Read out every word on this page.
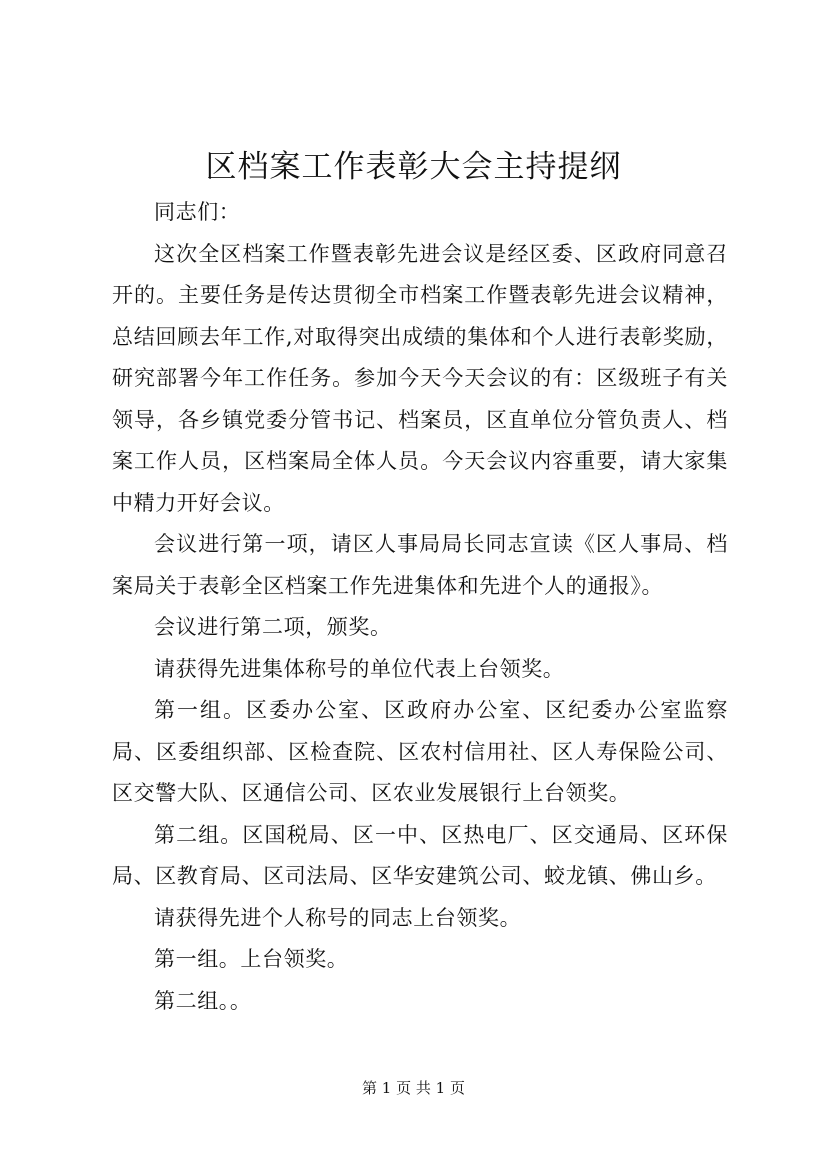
区档案工作表彰大会主持提纲

同志们：

这次全区档案工作暨表彰先进会议是经区委、区政府同意召开的。主要任务是传达贯彻全市档案工作暨表彰先进会议精神，总结回顾去年工作,对取得突出成绩的集体和个人进行表彰奖励，研究部署今年工作任务。参加今天今天会议的有：区级班子有关领导，各乡镇党委分管书记、档案员，区直单位分管负责人、档案工作人员，区档案局全体人员。今天会议内容重要，请大家集中精力开好会议。

会议进行第一项，请区人事局局长同志宣读《区人事局、档案局关于表彰全区档案工作先进集体和先进个人的通报》。

会议进行第二项，颁奖。

请获得先进集体称号的单位代表上台领奖。

第一组。区委办公室、区政府办公室、区纪委办公室监察局、区委组织部、区检查院、区农村信用社、区人寿保险公司、区交警大队、区通信公司、区农业发展银行上台领奖。

第二组。区国税局、区一中、区热电厂、区交通局、区环保局、区教育局、区司法局、区华安建筑公司、蛟龙镇、佛山乡。

请获得先进个人称号的同志上台领奖。

第一组。上台领奖。

第二组。。

第 1 页 共 1 页
